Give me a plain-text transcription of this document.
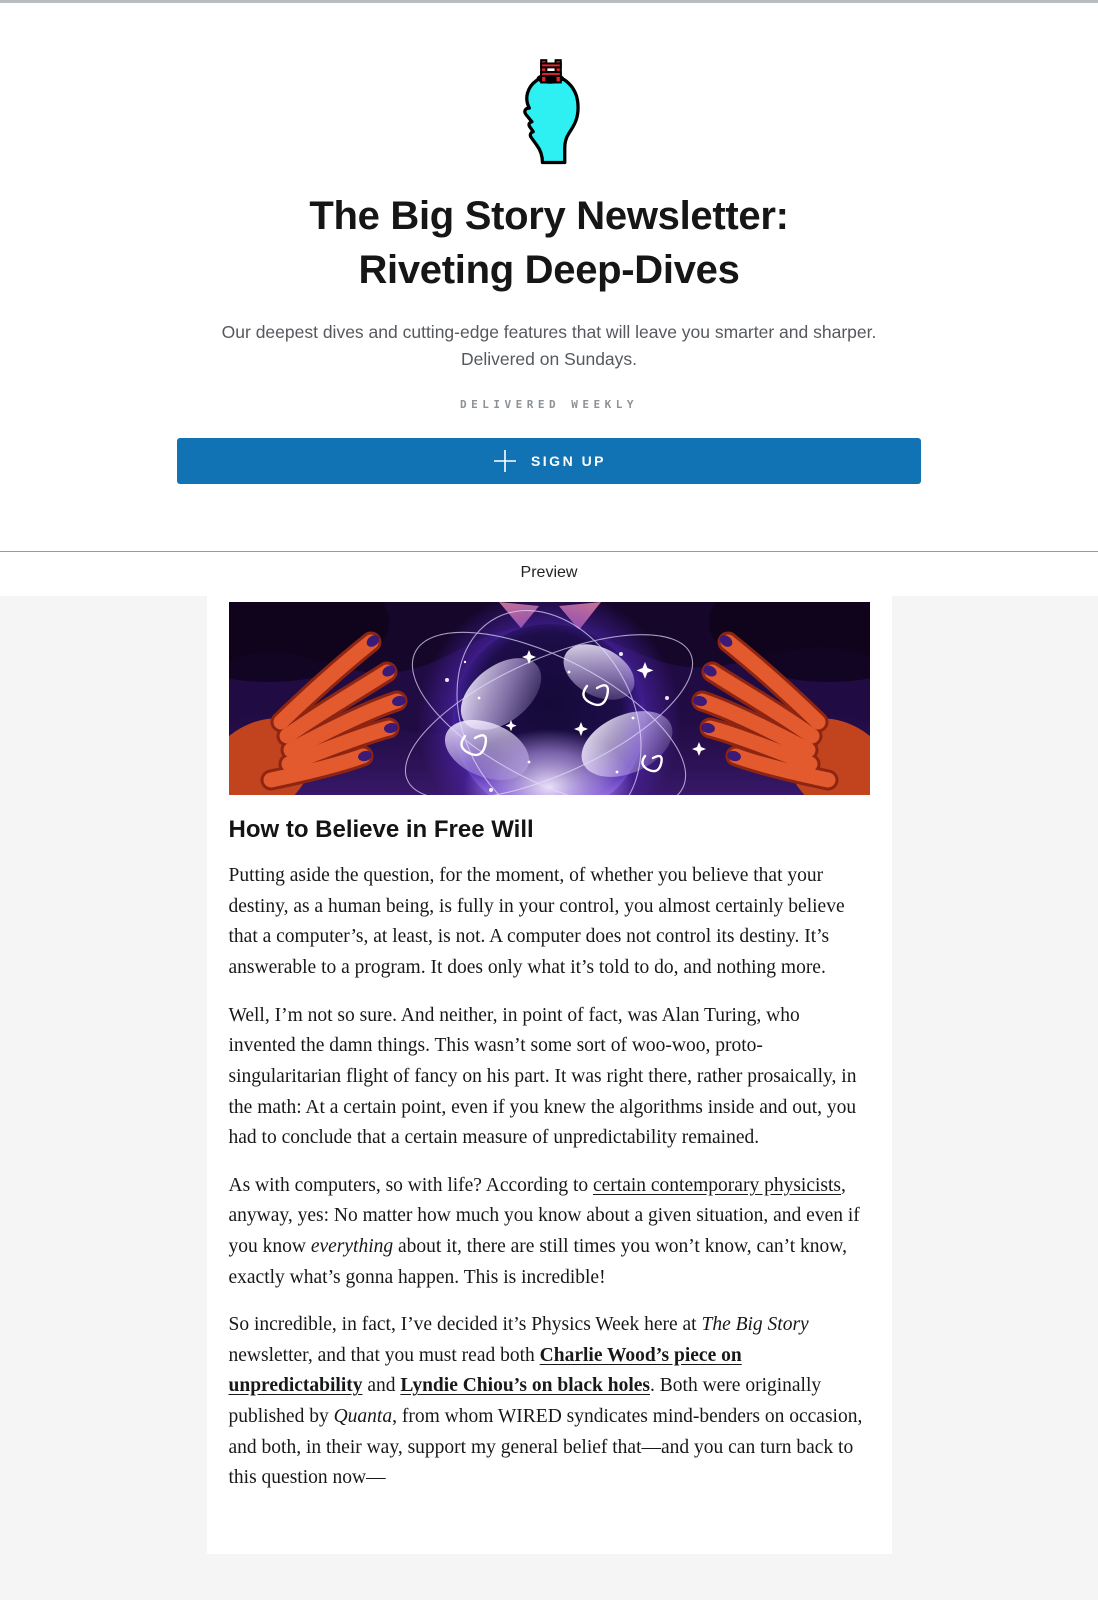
The Big Story Newsletter:
Riveting Deep-Dives

Our deepest dives and cutting-edge features that will leave you smarter and sharper. Delivered on Sundays.

DELIVERED WEEKLY
SIGN UP
Preview
How to Believe in Free Will

Putting aside the question, for the moment, of whether you believe that your destiny, as a human being, is fully in your control, you almost certainly believe that a computer’s, at least, is not. A computer does not control its destiny. It’s answerable to a program. It does only what it’s told to do, and nothing more.

Well, I’m not so sure. And neither, in point of fact, was Alan Turing, who invented the damn things. This wasn’t some sort of woo-woo, proto-singularitarian flight of fancy on his part. It was right there, rather prosaically, in the math: At a certain point, even if you knew the algorithms inside and out, you had to conclude that a certain measure of unpredictability remained.

As with computers, so with life? According to certain contemporary physicists, anyway, yes: No matter how much you know about a given situation, and even if you know everything about it, there are still times you won’t know, can’t know, exactly what’s gonna happen. This is incredible!

So incredible, in fact, I’ve decided it’s Physics Week here at The Big Story newsletter, and that you must read both Charlie Wood’s piece on unpredictability and Lyndie Chiou’s on black holes. Both were originally published by Quanta, from whom WIRED syndicates mind-benders on occasion, and both, in their way, support my general belief that—and you can turn back to this question now—
